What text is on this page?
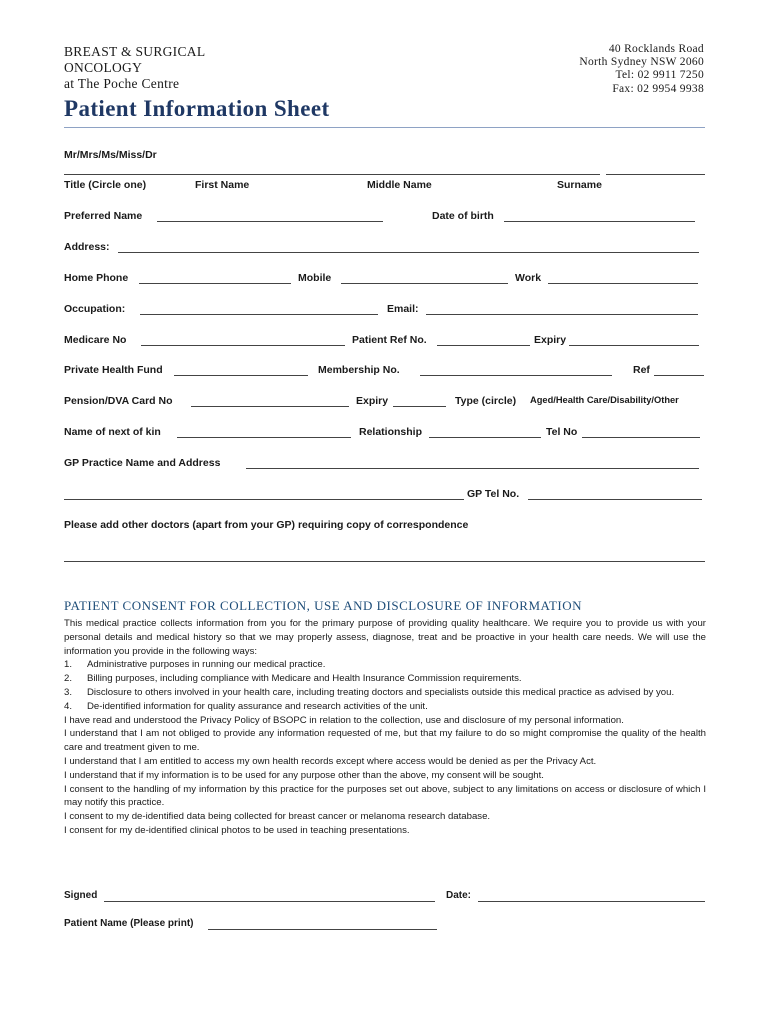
BREAST & SURGICAL
ONCOLOGY
at The Poche Centre
40 Rocklands Road
North Sydney NSW 2060
Tel: 02 9911 7250
Fax: 02 9954 9938
Patient Information Sheet
Mr/Mrs/Ms/Miss/Dr
Title (Circle one)	First Name	Middle Name	Surname
Preferred Name	Date of birth
Address:
Home Phone	Mobile	Work
Occupation:	Email:
Medicare No	Patient Ref No.	Expiry
Private Health Fund	Membership No.	Ref
Pension/DVA Card No	Expiry	Type (circle) Aged/Health Care/Disability/Other
Name of next of kin	Relationship	Tel No
GP Practice Name and Address
GP Tel No.
Please add other doctors (apart from your GP) requiring copy of correspondence
PATIENT CONSENT FOR COLLECTION, USE AND DISCLOSURE OF INFORMATION

This medical practice collects information from you for the primary purpose of providing quality healthcare. We require you to provide us with your personal details and medical history so that we may properly assess, diagnose, treat and be proactive in your health care needs. We will use the information you provide in the following ways:

1.	Administrative purposes in running our medical practice.
2.	Billing purposes, including compliance with Medicare and Health Insurance Commission requirements.
3.	Disclosure to others involved in your health care, including treating doctors and specialists outside this medical practice as advised by you.
4.	De-identified information for quality assurance and research activities of the unit.

I have read and understood the Privacy Policy of BSOPC in relation to the collection, use and disclosure of my personal information.

I understand that I am not obliged to provide any information requested of me, but that my failure to do so might compromise the quality of the health care and treatment given to me.

I understand that I am entitled to access my own health records except where access would be denied as per the Privacy Act.

I understand that if my information is to be used for any purpose other than the above, my consent will be sought.

I consent to the handling of my information by this practice for the purposes set out above, subject to any limitations on access or disclosure of which I may notify this practice.

I consent to my de-identified data being collected for breast cancer or melanoma research database.

I consent for my de-identified clinical photos to be used in teaching presentations.

Signed	Date:
Patient Name (Please print)
